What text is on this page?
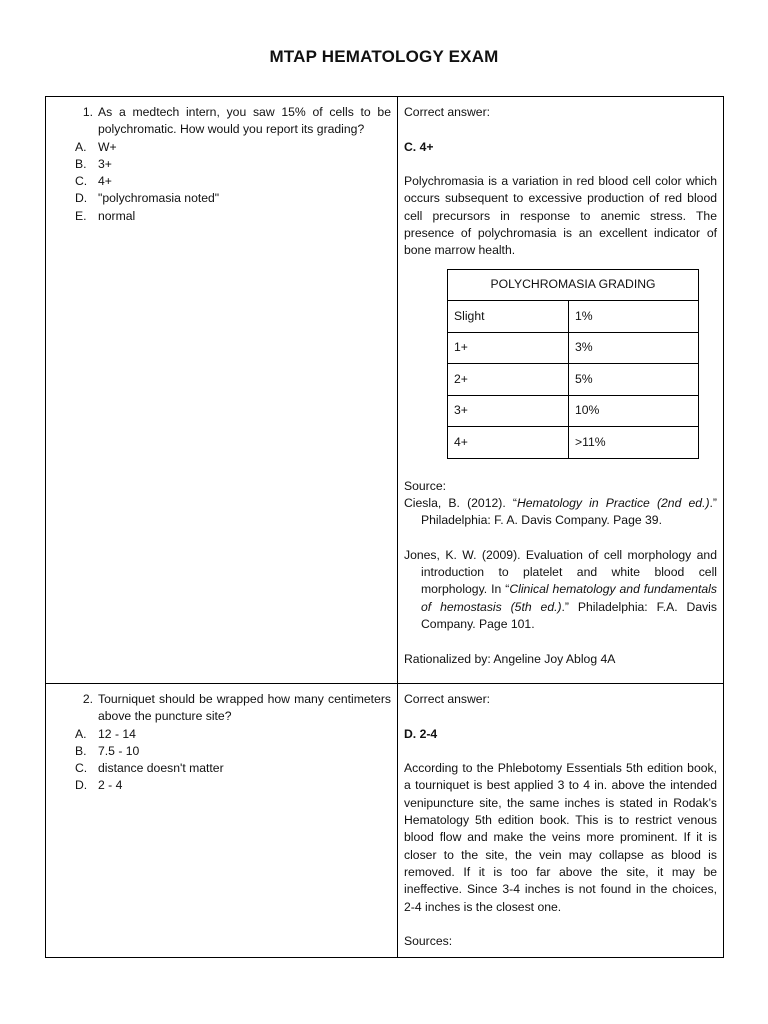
MTAP HEMATOLOGY EXAM
1. As a medtech intern, you saw 15% of cells to be polychromatic. How would you report its grading?
A. W+
B. 3+
C. 4+
D. "polychromasia noted"
E. normal

Correct answer:

C. 4+

Polychromasia is a variation in red blood cell color which occurs subsequent to excessive production of red blood cell precursors in response to anemic stress. The presence of polychromasia is an excellent indicator of bone marrow health.

POLYCHROMASIA GRADING
Slight	1%
1+	3%
2+	5%
3+	10%
4+	>11%

Source:

Ciesla, B. (2012). “Hematology in Practice (2nd ed.).” Philadelphia: F. A. Davis Company. Page 39.

Jones, K. W. (2009). Evaluation of cell morphology and introduction to platelet and white blood cell morphology. In “Clinical hematology and fundamentals of hemostasis (5th ed.).” Philadelphia: F.A. Davis Company. Page 101.

Rationalized by: Angeline Joy Ablog 4A

2. Tourniquet should be wrapped how many centimeters above the puncture site?
A. 12 - 14
B. 7.5 - 10
C. distance doesn't matter
D. 2 - 4

Correct answer:

D. 2-4

According to the Phlebotomy Essentials 5th edition book, a tourniquet is best applied 3 to 4 in. above the intended venipuncture site, the same inches is stated in Rodak’s Hematology 5th edition book. This is to restrict venous blood flow and make the veins more prominent. If it is closer to the site, the vein may collapse as blood is removed. If it is too far above the site, it may be ineffective. Since 3-4 inches is not found in the choices, 2-4 inches is the closest one.

Sources:
